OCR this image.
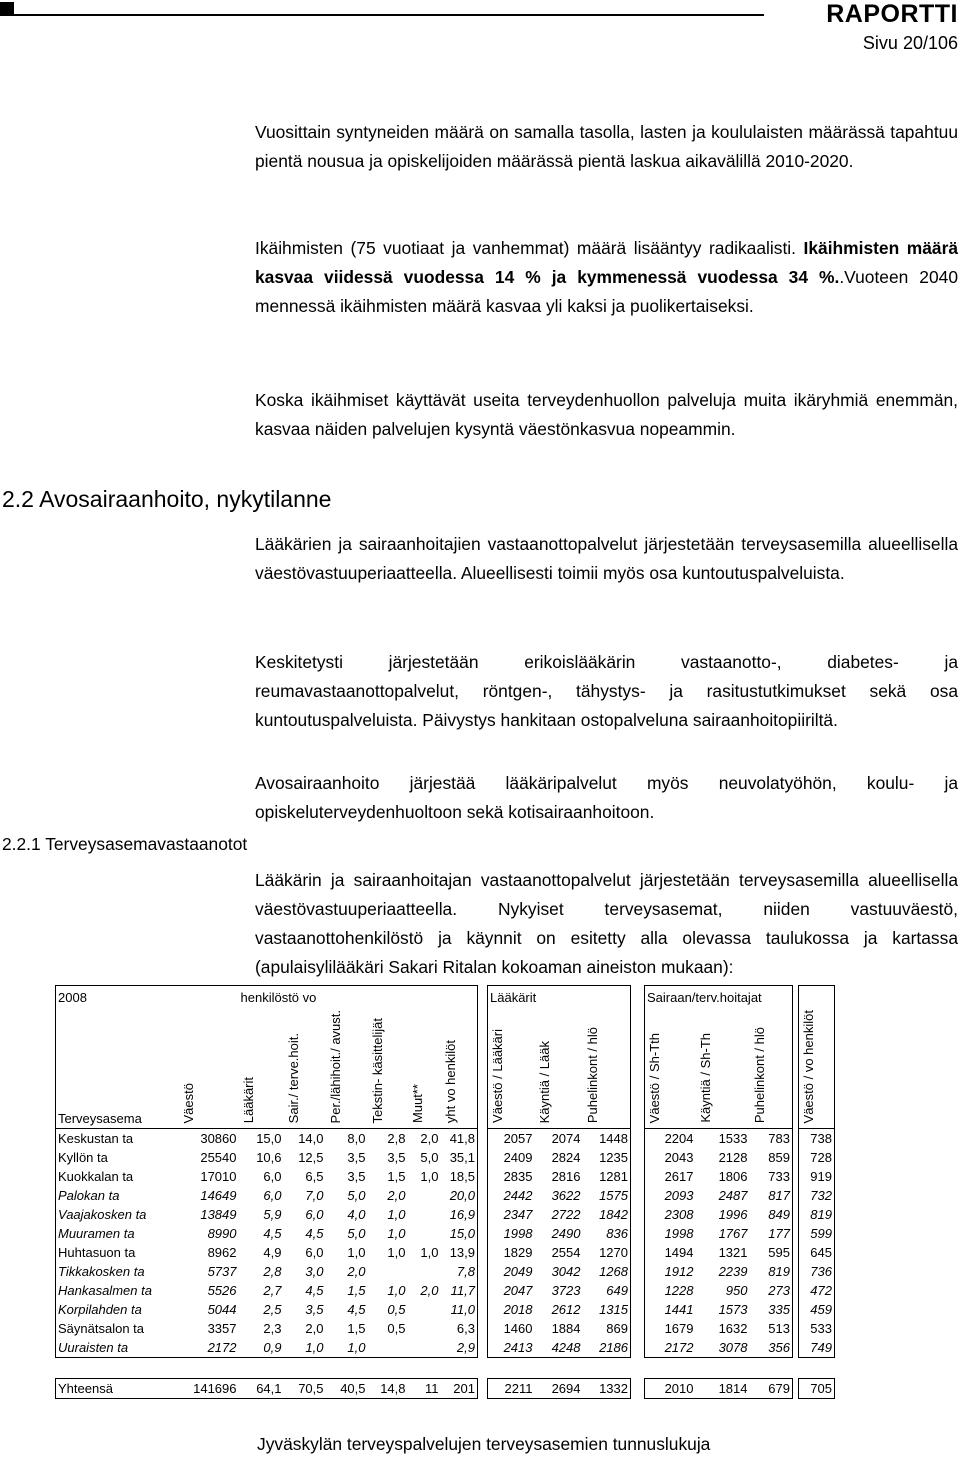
RAPORTTI
Sivu 20/106
Vuosittain syntyneiden määrä on samalla tasolla, lasten ja koululaisten määrässä tapahtuu pientä nousua ja opiskelijoiden määrässä pientä laskua aikavälillä 2010-2020.
Ikäihmisten (75 vuotiaat ja vanhemmat) määrä lisääntyy radikaalisti. Ikäihmisten määrä kasvaa viidessä vuodessa 14 % ja kymmenessä vuodessa 34 %..Vuoteen 2040 mennessä ikäihmisten määrä kasvaa yli kaksi ja puolikertaiseksi.
Koska ikäihmiset käyttävät useita terveydenhuollon palveluja muita ikäryhmiä enemmän, kasvaa näiden palvelujen kysyntä väestönkasvua nopeammin.
2.2 Avosairaanhoito, nykytilanne
Lääkärien ja sairaanhoitajien vastaanottopalvelut järjestetään terveysasemilla alueellisella väestövastuuperiaatteella. Alueellisesti toimii myös osa kuntoutuspalveluista.
Keskitetysti järjestetään erikoislääkärin vastaanotto-, diabetes- ja reumavastaanottopalvelut, röntgen-, tähystys- ja rasitustutkimukset sekä osa kuntoutuspalveluista. Päivystys hankitaan ostopalveluna sairaanhoitopiiriltä.
Avosairaanhoito järjestää lääkäripalvelut myös neuvolatyöhön, koulu- ja opiskeluterveydenhuoltoon sekä kotisairaanhoitoon.
2.2.1 Terveysasemavastaanotot
Lääkärin ja sairaanhoitajan vastaanottopalvelut järjestetään terveysasemilla alueellisella väestövastuuperiaatteella. Nykyiset terveysasemat, niiden vastuuväestö, vastaanottohenkilöstö ja käynnit on esitetty alla olevassa taulukossa ja kartassa (apulaisylilääkäri Sakari Ritalan kokoaman aineiston mukaan):
2008		henkilöstö vo							Lääkärit				Sairaan/terv.hoitajat				
Terveysasema	Väestö	Lääkärit	Sair./ terve.hoit.	Per./lähihoit./ avust.	Tekstin- käsittelijät	Muut**	yht vo henkilöt		Väestö / Lääkäri	Käyntiä / Lääk	Puhelinkont / hlö		Väestö / Sh-Tth	Käyntiä / Sh-Th	Puhelinkont / hlö		Väestö / vo henkilöt
Keskustan ta	30860	15,0	14,0	8,0	2,8	2,0	41,8		2057	2074	1448		2204	1533	783		738
Kyllön ta	25540	10,6	12,5	3,5	3,5	5,0	35,1		2409	2824	1235		2043	2128	859		728
Kuokkalan ta	17010	6,0	6,5	3,5	1,5	1,0	18,5		2835	2816	1281		2617	1806	733		919
Palokan ta	14649	6,0	7,0	5,0	2,0		20,0		2442	3622	1575		2093	2487	817		732
Vaajakosken ta	13849	5,9	6,0	4,0	1,0		16,9		2347	2722	1842		2308	1996	849		819
Muuramen ta	8990	4,5	4,5	5,0	1,0		15,0		1998	2490	836		1998	1767	177		599
Huhtasuon ta	8962	4,9	6,0	1,0	1,0	1,0	13,9		1829	2554	1270		1494	1321	595		645
Tikkakosken ta	5737	2,8	3,0	2,0			7,8		2049	3042	1268		1912	2239	819		736
Hankasalmen ta	5526	2,7	4,5	1,5	1,0	2,0	11,7		2047	3723	649		1228	950	273		472
Korpilahden ta	5044	2,5	3,5	4,5	0,5		11,0		2018	2612	1315		1441	1573	335		459
Säynätsalon ta	3357	2,3	2,0	1,5	0,5		6,3		1460	1884	869		1679	1632	513		533
Uuraisten ta	2172	0,9	1,0	1,0			2,9		2413	4248	2186		2172	3078	356		749

Yhteensä	141696	64,1	70,5	40,5	14,8	11	201		2211	2694	1332		2010	1814	679		705
Jyväskylän terveyspalvelujen terveysasemien tunnuslukuja
